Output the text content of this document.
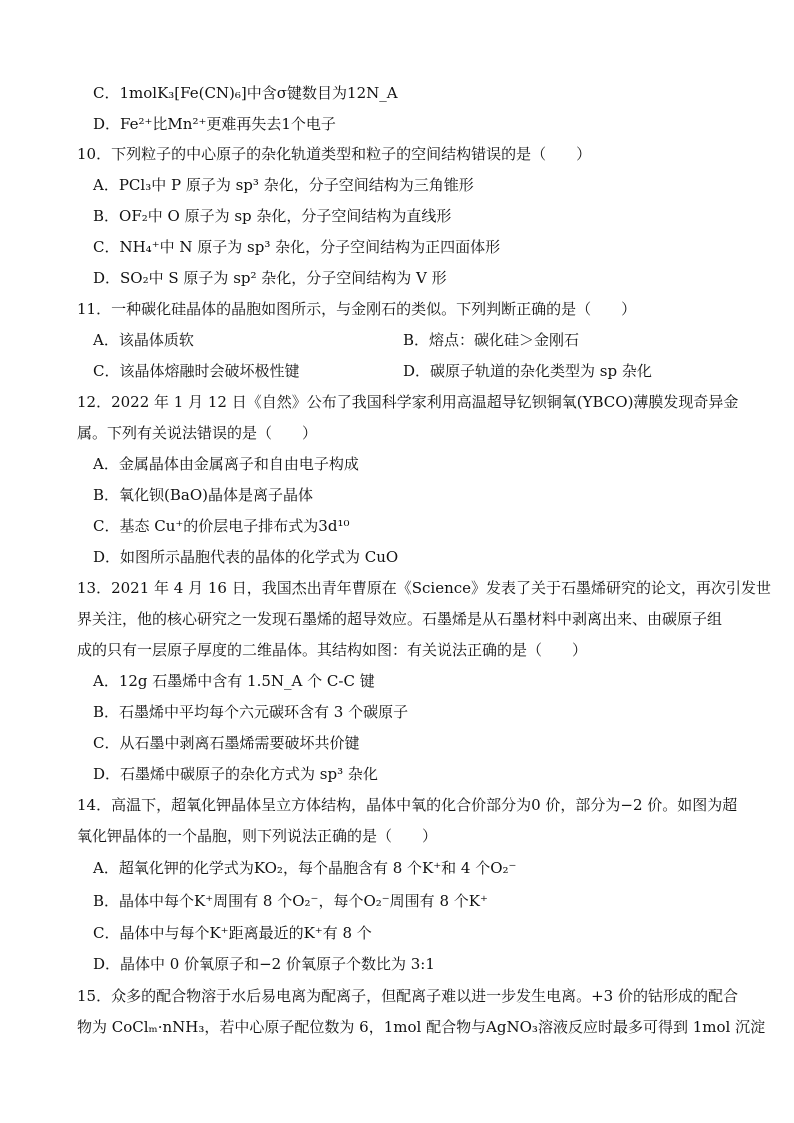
C．1molK₃[Fe(CN)₆]中含σ键数目为12N_A
D．Fe²⁺比Mn²⁺更难再失去1个电子
10．下列粒子的中心原子的杂化轨道类型和粒子的空间结构错误的是（　　）
A．PCl₃中 P 原子为 sp³ 杂化，分子空间结构为三角锥形
B．OF₂中 O 原子为 sp 杂化，分子空间结构为直线形
C．NH₄⁺中 N 原子为 sp³ 杂化，分子空间结构为正四面体形
D．SO₂中 S 原子为 sp² 杂化，分子空间结构为 V 形
11．一种碳化硅晶体的晶胞如图所示，与金刚石的类似。下列判断正确的是（　　）
A．该晶体质软	B．熔点：碳化硅＞金刚石
C．该晶体熔融时会破坏极性键	D．碳原子轨道的杂化类型为 sp 杂化
12．2022 年 1 月 12 日《自然》公布了我国科学家利用高温超导钇钡铜氧(YBCO)薄膜发现奇异金
属。下列有关说法错误的是（　　）
A．金属晶体由金属离子和自由电子构成
B．氧化钡(BaO)晶体是离子晶体
C．基态 Cu⁺的价层电子排布式为3d¹⁰
D．如图所示晶胞代表的晶体的化学式为 CuO
13．2021 年 4 月 16 日，我国杰出青年曹原在《Science》发表了关于石墨烯研究的论文，再次引发世
界关注，他的核心研究之一发现石墨烯的超导效应。石墨烯是从石墨材料中剥离出来、由碳原子组
成的只有一层原子厚度的二维晶体。其结构如图：有关说法正确的是（　　）
A．12g 石墨烯中含有 1.5N_A 个 C-C 键
B．石墨烯中平均每个六元碳环含有 3 个碳原子
C．从石墨中剥离石墨烯需要破坏共价键
D．石墨烯中碳原子的杂化方式为 sp³ 杂化
14．高温下，超氧化钾晶体呈立方体结构，晶体中氧的化合价部分为0 价，部分为−2 价。如图为超
氧化钾晶体的一个晶胞，则下列说法正确的是（　　）
A．超氧化钾的化学式为KO₂，每个晶胞含有 8 个K⁺和 4 个O₂⁻
B．晶体中每个K⁺周围有 8 个O₂⁻，每个O₂⁻周围有 8 个K⁺
C．晶体中与每个K⁺距离最近的K⁺有 8 个
D．晶体中 0 价氧原子和−2 价氧原子个数比为 3:1
15．众多的配合物溶于水后易电离为配离子，但配离子难以进一步发生电离。+3 价的钴形成的配合
物为 CoClₘ·nNH₃，若中心原子配位数为 6，1mol 配合物与AgNO₃溶液反应时最多可得到 1mol 沉淀
